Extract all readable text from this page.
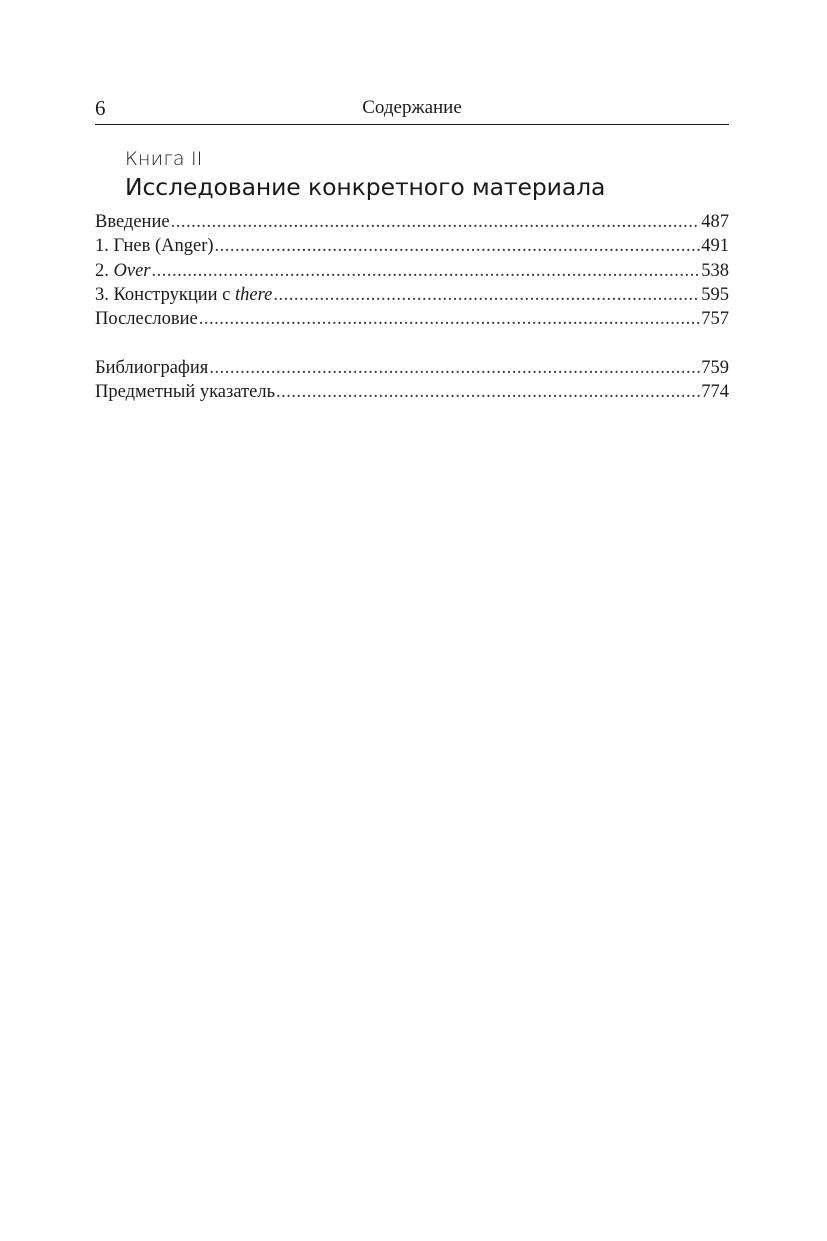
6	Содержание
Книга II
Исследование конкретного материала
Введение .....	487
1. Гнев (Anger) .....	491
2. Over .....	538
3. Конструкции с there .....	595
Послесловие .....	757
Библиография .....	759
Предметный указатель .....	774
